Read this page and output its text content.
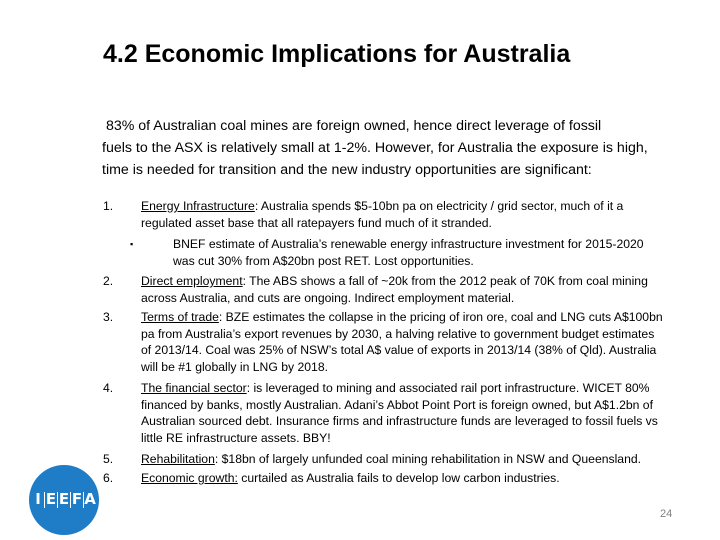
4.2 Economic Implications for Australia
83% of Australian coal mines are foreign owned, hence direct leverage of fossil
fuels to the ASX is relatively small at 1-2%. However, for Australia the exposure is high,
time is needed for transition and the new industry opportunities are significant:
1. Energy Infrastructure: Australia spends $5-10bn pa on electricity / grid sector, much of it a
regulated asset base that all ratepayers fund much of it stranded.
▪	BNEF estimate of Australia’s renewable energy infrastructure investment for 2015-2020
was cut 30% from A$20bn post RET. Lost opportunities.
2. Direct employment: The ABS shows a fall of ~20k from the 2012 peak of 70K from coal mining
across Australia, and cuts are ongoing. Indirect employment material.
3. Terms of trade: BZE estimates the collapse in the pricing of iron ore, coal and LNG cuts A$100bn
pa from Australia’s export revenues by 2030, a halving relative to government budget estimates
of 2013/14. Coal was 25% of NSW’s total A$ value of exports in 2013/14 (38% of Qld). Australia
will be #1 globally in LNG by 2018.
4. The financial sector: is leveraged to mining and associated rail port infrastructure. WICET 80%
financed by banks, mostly Australian. Adani’s Abbot Point Port is foreign owned, but A$1.2bn of
Australian sourced debt. Insurance firms and infrastructure funds are leveraged to fossil fuels vs
little RE infrastructure assets. BBY!
5. Rehabilitation: $18bn of largely unfunded coal mining rehabilitation in NSW and Queensland.
6. Economic growth: curtailed as Australia fails to develop low carbon industries.
I E E F A
24
